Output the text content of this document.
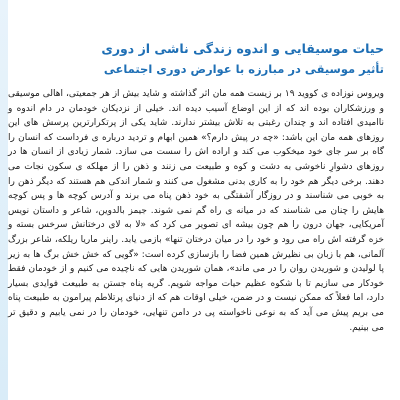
حیات موسیقایی و اندوه زندگی ناشی از دوری
تأثیر موسیقی در مبارزه با عوارض دوری اجتماعی

ویروس نوزاده ی کووید ۱۹ بر زیست همه مان اثر گذاشته و شاید بیش از هر جمعیتی، اهالی موسیقی و ورزشکاران بوده اند که از این اوضاع آسیب دیده اند. خیلی از نزدیکان خودمان در دام اندوه و ناامیدی افتاده اند و چندان رغبتی به تلاش بیشتر ندارند. شاید یکی از پرتکرارترین پرسش های این روزهای همه مان این باشد: «چه در پیش دارم؟» همین ابهام و تردید درباره ی فرداست که انسان را گاه بر سر جای خود میخکوب می کند و اراده اش را سست می سازد. شمار زیادی از انسان ها در روزهای دشوارِ ناخوشی به دشت و کوه و طبیعت می زنند و ذهن را از مهلکه ی سکون نجات می دهند. برخی دیگر هم خود را به کاری بدنی مشغول می کنند و شمار اندکی هم هستند که دیگر ذهن را به خوبی می شناسند و در روزگار آشفتگی به خود ذهن پناه می برند و آدرس کوچه ها و پس کوچه هایش را چنان می شناسند که در میانه ی راه گم نمی شوند. جیمز بالدوین، شاعر و داستان نویس آمریکایی، جهان درون را هم چون بیشه ای تصویر می کرد که «لا به لای درختانش سرخس بسته و خزه گرفته اش راه می رود و خود را در میان درختان تنها» بازمی یابد. راینر ماریا ریلکه، شاعر بزرگ آلمانی، هم با زبان بی نظیرش همین فضا را بازسازی کرده است: «گویی که خش خش برگ ها به زیر پا لولیدن و شوریدن روان را در می ماند»، همان شوریدن هایی که ناچیده می کنیم و از خودمان فقط خودکار می سازیم تا با شکوه عظیم حیات مواجه شویم. گریه پناه جستن به طبیعت فوایدی بسیار دارد، اما فعلاً که ممکن نیست و در ضمن، خیلی اوقات هم که از دنیای پرتلاطم پیرامون به طبیعت پناه می بریم پیش می آید که به نوعی ناخواسته پی در دامن تنهایی، خودمان را در نمی یابیم و دقیق تر می بینیم.
